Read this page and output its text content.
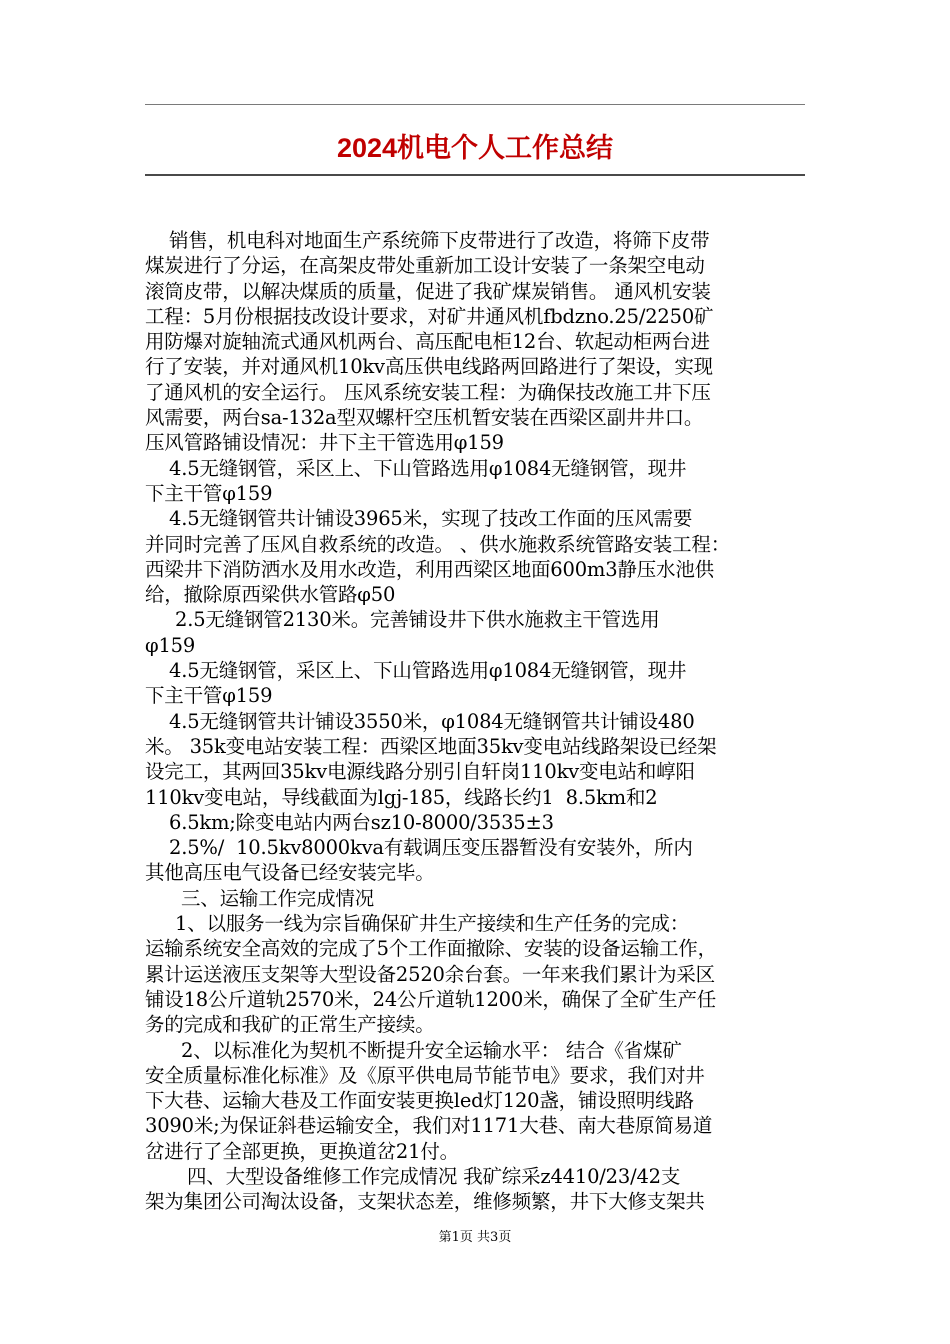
2024机电个人工作总结
销售，机电科对地面生产系统筛下皮带进行了改造，将筛下皮带
煤炭进行了分运，在高架皮带处重新加工设计安装了一条架空电动
滚筒皮带，以解决煤质的质量，促进了我矿煤炭销售。 通风机安装
工程：5月份根据技改设计要求，对矿井通风机fbdzno.25/2250矿
用防爆对旋轴流式通风机两台、高压配电柜12台、软起动柜两台进
行了安装，并对通风机10kv高压供电线路两回路进行了架设，实现
了通风机的安全运行。 压风系统安装工程：为确保技改施工井下压
风需要，两台sa-132a型双螺杆空压机暂安装在西梁区副井井口。
压风管路铺设情况：井下主干管选用φ159
4.5无缝钢管，采区上、下山管路选用φ1084无缝钢管，现井
下主干管φ159
4.5无缝钢管共计铺设3965米，实现了技改工作面的压风需要
并同时完善了压风自救系统的改造。 、供水施救系统管路安装工程：
西梁井下消防洒水及用水改造，利用西梁区地面600m3静压水池供
给，撤除原西梁供水管路φ50
2.5无缝钢管2130米。完善铺设井下供水施救主干管选用
φ159
4.5无缝钢管，采区上、下山管路选用φ1084无缝钢管，现井
下主干管φ159
4.5无缝钢管共计铺设3550米，φ1084无缝钢管共计铺设480
米。 35k变电站安装工程：西梁区地面35kv变电站线路架设已经架
设完工，其两回35kv电源线路分别引自轩岗110kv变电站和崞阳
110kv变电站，导线截面为lgj-185，线路长约1  8.5km和2
6.5km;除变电站内两台sz10-8000/3535±3
2.5%/  10.5kv8000kva有载调压变压器暂没有安装外，所内
其他高压电气设备已经安装完毕。
三、运输工作完成情况
1、以服务一线为宗旨确保矿井生产接续和生产任务的完成：
运输系统安全高效的完成了5个工作面撤除、安装的设备运输工作，
累计运送液压支架等大型设备2520余台套。一年来我们累计为采区
铺设18公斤道轨2570米，24公斤道轨1200米，确保了全矿生产任
务的完成和我矿的正常生产接续。
2、以标准化为契机不断提升安全运输水平： 结合《省煤矿
安全质量标准化标准》及《原平供电局节能节电》要求，我们对井
下大巷、运输大巷及工作面安装更换led灯120盏，铺设照明线路
3090米;为保证斜巷运输安全，我们对1171大巷、南大巷原简易道
岔进行了全部更换，更换道岔21付。
四、大型设备维修工作完成情况 我矿综采z4410/23/42支
架为集团公司淘汰设备，支架状态差，维修频繁，井下大修支架共
第1页 共3页
